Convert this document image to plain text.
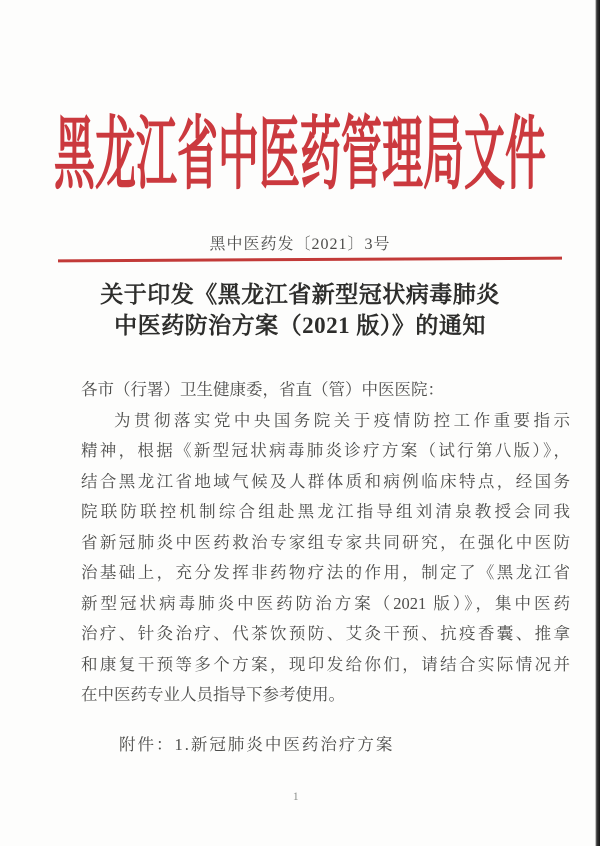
黑龙江省中医药管理局文件
黑中医药发〔2021〕3号
关于印发《黑龙江省新型冠状病毒肺炎
中医药防治方案（2021 版）》的通知
各市（行署）卫生健康委，省直（管）中医医院：
为贯彻落实党中央国务院关于疫情防控工作重要指示
精神，根据《新型冠状病毒肺炎诊疗方案（试行第八版）》，
结合黑龙江省地域气候及人群体质和病例临床特点，经国务
院联防联控机制综合组赴黑龙江指导组刘清泉教授会同我
省新冠肺炎中医药救治专家组专家共同研究，在强化中医防
治基础上，充分发挥非药物疗法的作用，制定了《黑龙江省
新型冠状病毒肺炎中医药防治方案（2021 版）》，集中医药
治疗、针灸治疗、代茶饮预防、艾灸干预、抗疫香囊、推拿
和康复干预等多个方案，现印发给你们，请结合实际情况并
在中医药专业人员指导下参考使用。
附件：1.新冠肺炎中医药治疗方案
1
